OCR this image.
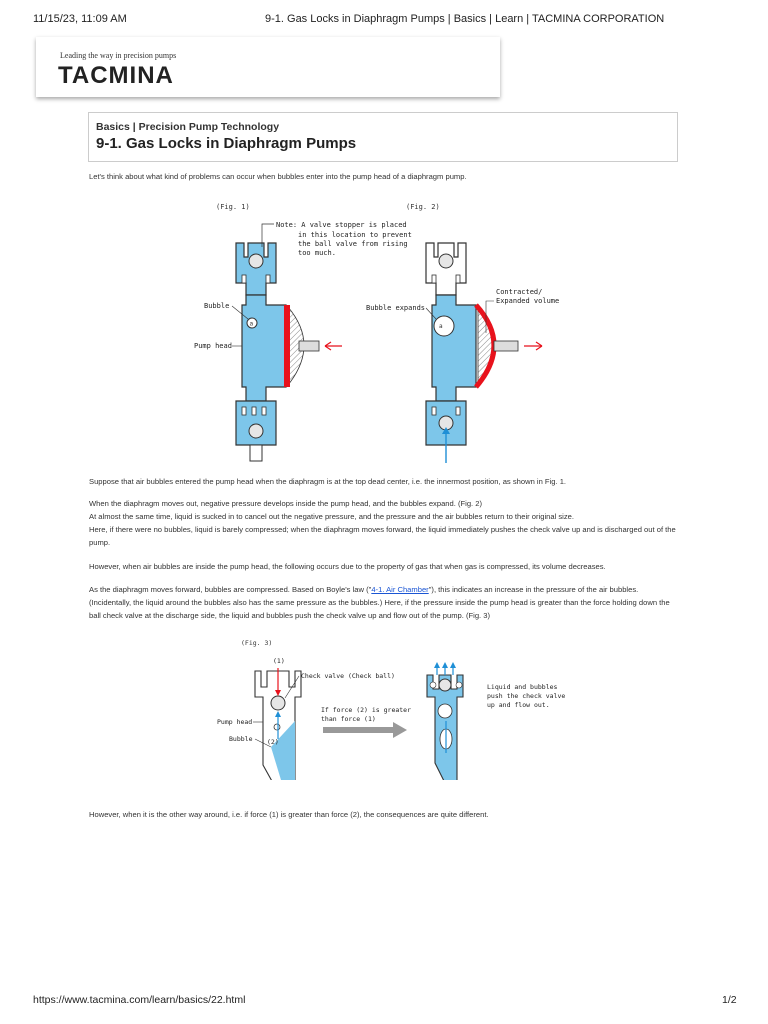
11/15/23, 11:09 AM	9-1. Gas Locks in Diaphragm Pumps | Basics | Learn | TACMINA CORPORATION
Leading the way in precision pumps
TACMINA
Basics | Precision Pump Technology
9-1. Gas Locks in Diaphragm Pumps
Let's think about what kind of problems can occur when bubbles enter into the pump head of a diaphragm pump.
(Fig. 1)
a
Note: A valve stopper is placed
in this location to prevent
the ball valve from rising
too much.
Bubble
Pump head
(Fig. 2)
a
Bubble expands
Contracted/
Expanded volume
Suppose that air bubbles entered the pump head when the diaphragm is at the top dead center, i.e. the innermost position, as shown in Fig. 1.
When the diaphragm moves out, negative pressure develops inside the pump head, and the bubbles expand. (Fig. 2)
At almost the same time, liquid is sucked in to cancel out the negative pressure, and the pressure and the air bubbles return to their original size.
Here, if there were no bubbles, liquid is barely compressed; when the diaphragm moves forward, the liquid immediately pushes the check valve up and is discharged out of the pump.
However, when air bubbles are inside the pump head, the following occurs due to the property of gas that when gas is compressed, its volume decreases.
As the diaphragm moves forward, bubbles are compressed. Based on Boyle's law ("4-1. Air Chamber"), this indicates an increase in the pressure of the air bubbles. (Incidentally, the liquid around the bubbles also has the same pressure as the bubbles.) Here, if the pressure inside the pump head is greater than the force holding down the ball check valve at the discharge side, the liquid and bubbles push the check valve up and flow out of the pump. (Fig. 3)
(Fig. 3)
(1)
(2)
Check valve (Check ball)
Pump head
Bubble
If force (2) is greater
than force (1)
Liquid and bubbles
push the check valve
up and flow out.
However, when it is the other way around, i.e. if force (1) is greater than force (2), the consequences are quite different.
https://www.tacmina.com/learn/basics/22.html	1/2
